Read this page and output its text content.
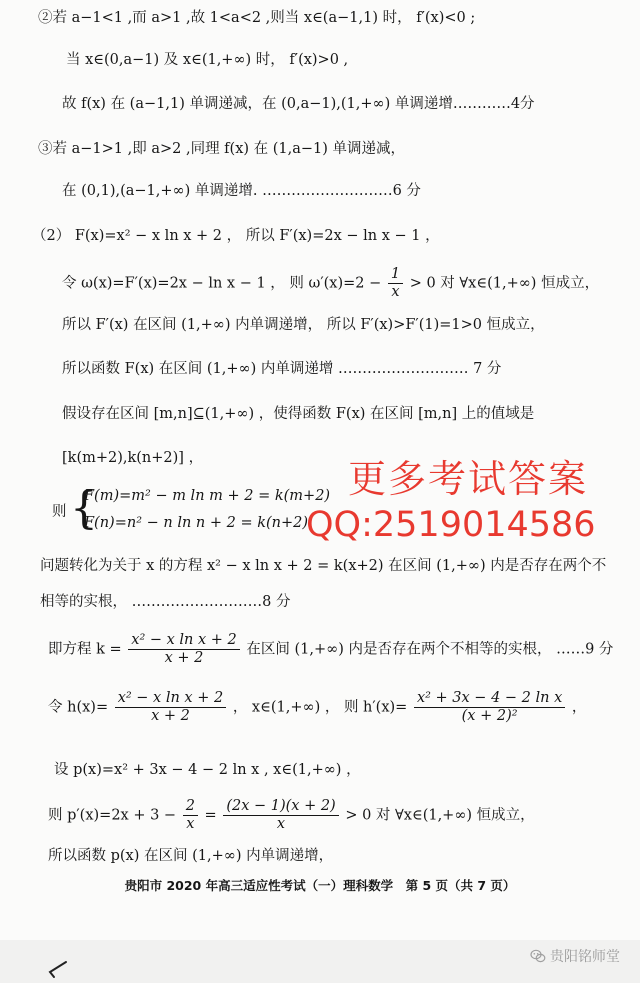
②若 a−1<1 ,而 a>1 ,故 1<a<2 ,则当 x∈(a−1,1) 时， f′(x)<0 ;
当 x∈(0,a−1) 及 x∈(1,+∞) 时， f′(x)>0 ,
故 f(x) 在 (a−1,1) 单调递减，在 (0,a−1),(1,+∞) 单调递增…………4分
③若 a−1>1 ,即 a>2 ,同理 f(x) 在 (1,a−1) 单调递减，
在 (0,1),(a−1,+∞) 单调递增. ………………………6 分
（2） F(x)=x² − x ln x + 2 ， 所以 F′(x)=2x − ln x − 1 ，
令 ω(x)=F′(x)=2x − ln x − 1 ， 则 $\omega'(x)=2 - \frac{1}{x} > 0$ 对 ∀x∈(1,+∞) 恒成立，
所以 F′(x) 在区间 (1,+∞) 内单调递增， 所以 F′(x)>F′(1)=1>0 恒成立，
所以函数 F(x) 在区间 (1,+∞) 内单调递增 ……………………… 7 分
假设存在区间 [m,n]⊆(1,+∞) ，使得函数 F(x) 在区间 [m,n] 上的值域是
[k(m+2),k(n+2)] ，
则 {
F(m)=m² − m ln m + 2 = k(m+2)
F(n)=n² − n ln n + 2 = k(n+2)
问题转化为关于 x 的方程 x² − x ln x + 2 = k(x+2) 在区间 (1,+∞) 内是否存在两个不
相等的实根， ………………………8 分
即方程 $k = \frac{\text{x² − x ln x + 2}}{x + 2}$ 在区间 (1,+∞) 内是否存在两个不相等的实根， ……9 分
令 $h(x)= \frac{\text{x² − x ln x + 2}}{x + 2}$ ， x∈(1,+∞) ， 则 $h'(x)= \frac{\text{x² + 3x − 4 − 2 ln x}}{\text{(x + 2)²}}$ ，
设 p(x)=x² + 3x − 4 − 2 ln x , x∈(1,+∞) ，
则 $p'(x)=2x + 3 - \frac{2}{x} = \frac{(2x - 1)(x + 2)}{x} > 0$ 对 ∀x∈(1,+∞) 恒成立，
所以函数 p(x) 在区间 (1,+∞) 内单调递增，
贵阳市 2020 年高三适应性考试（一）理科数学　第 5 页（共 7 页）
更多考试答案
QQ:2519014586
贵阳铭师堂
